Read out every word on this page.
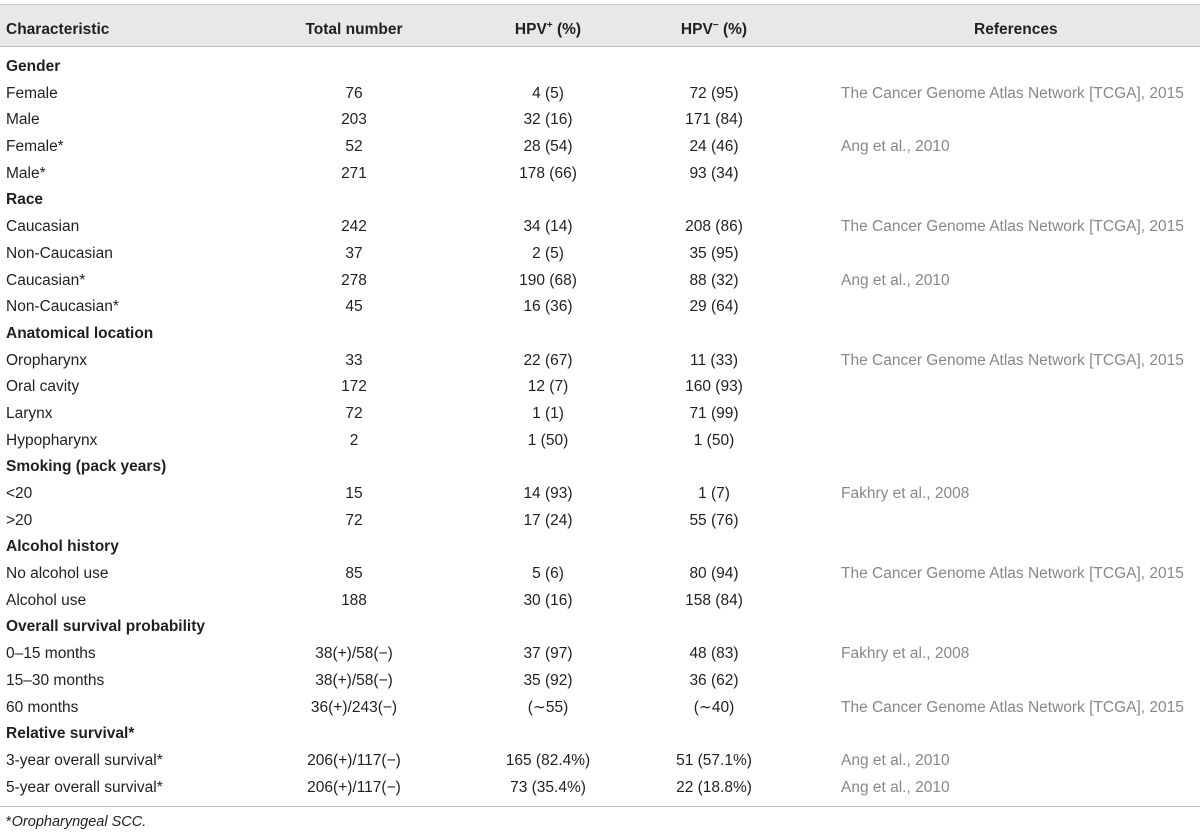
Characteristic	Total number	HPV+ (%)	HPV− (%)	References
Gender
Female	76	4 (5)	72 (95)	The Cancer Genome Atlas Network [TCGA], 2015
Male	203	32 (16)	171 (84)
Female*	52	28 (54)	24 (46)	Ang et al., 2010
Male*	271	178 (66)	93 (34)
Race
Caucasian	242	34 (14)	208 (86)	The Cancer Genome Atlas Network [TCGA], 2015
Non-Caucasian	37	2 (5)	35 (95)
Caucasian*	278	190 (68)	88 (32)	Ang et al., 2010
Non-Caucasian*	45	16 (36)	29 (64)
Anatomical location
Oropharynx	33	22 (67)	11 (33)	The Cancer Genome Atlas Network [TCGA], 2015
Oral cavity	172	12 (7)	160 (93)
Larynx	72	1 (1)	71 (99)
Hypopharynx	2	1 (50)	1 (50)
Smoking (pack years)
<20	15	14 (93)	1 (7)	Fakhry et al., 2008
>20	72	17 (24)	55 (76)
Alcohol history
No alcohol use	85	5 (6)	80 (94)	The Cancer Genome Atlas Network [TCGA], 2015
Alcohol use	188	30 (16)	158 (84)
Overall survival probability
0–15 months	38(+)/58(−)	37 (97)	48 (83)	Fakhry et al., 2008
15–30 months	38(+)/58(−)	35 (92)	36 (62)
60 months	36(+)/243(−)	(∼55)	(∼40)	The Cancer Genome Atlas Network [TCGA], 2015
Relative survival*
3-year overall survival*	206(+)/117(−)	165 (82.4%)	51 (57.1%)	Ang et al., 2010
5-year overall survival*	206(+)/117(−)	73 (35.4%)	22 (18.8%)	Ang et al., 2010
*Oropharyngeal SCC.
